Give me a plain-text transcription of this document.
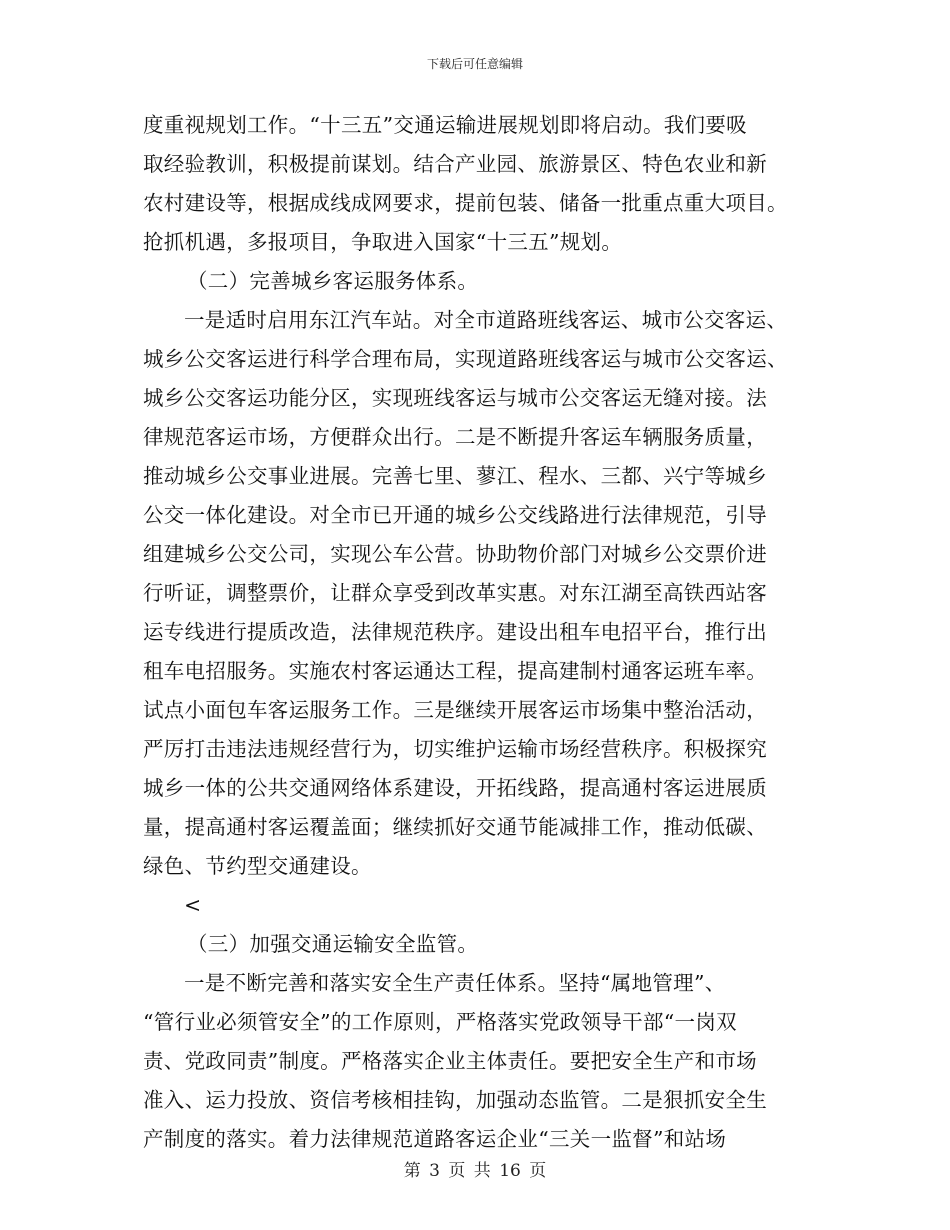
下载后可任意编辑
度重视规划工作。“十三五”交通运输进展规划即将启动。我们要吸
取经验教训，积极提前谋划。结合产业园、旅游景区、特色农业和新
农村建设等，根据成线成网要求，提前包装、储备一批重点重大项目。
抢抓机遇，多报项目，争取进入国家“十三五”规划。
（二）完善城乡客运服务体系。
一是适时启用东江汽车站。对全市道路班线客运、城市公交客运、
城乡公交客运进行科学合理布局，实现道路班线客运与城市公交客运、
城乡公交客运功能分区，实现班线客运与城市公交客运无缝对接。法
律规范客运市场，方便群众出行。二是不断提升客运车辆服务质量，
推动城乡公交事业进展。完善七里、蓼江、程水、三都、兴宁等城乡
公交一体化建设。对全市已开通的城乡公交线路进行法律规范，引导
组建城乡公交公司，实现公车公营。协助物价部门对城乡公交票价进
行听证，调整票价，让群众享受到改革实惠。对东江湖至高铁西站客
运专线进行提质改造，法律规范秩序。建设出租车电招平台，推行出
租车电招服务。实施农村客运通达工程，提高建制村通客运班车率。
试点小面包车客运服务工作。三是继续开展客运市场集中整治活动，
严厉打击违法违规经营行为，切实维护运输市场经营秩序。积极探究
城乡一体的公共交通网络体系建设，开拓线路，提高通村客运进展质
量，提高通村客运覆盖面；继续抓好交通节能减排工作，推动低碳、
绿色、节约型交通建设。
<
（三）加强交通运输安全监管。
一是不断完善和落实安全生产责任体系。坚持“属地管理”、
“管行业必须管安全”的工作原则，严格落实党政领导干部“一岗双
责、党政同责”制度。严格落实企业主体责任。要把安全生产和市场
准入、运力投放、资信考核相挂钩，加强动态监管。二是狠抓安全生
产制度的落实。着力法律规范道路客运企业“三关一监督”和站场
第 3 页 共 16 页
